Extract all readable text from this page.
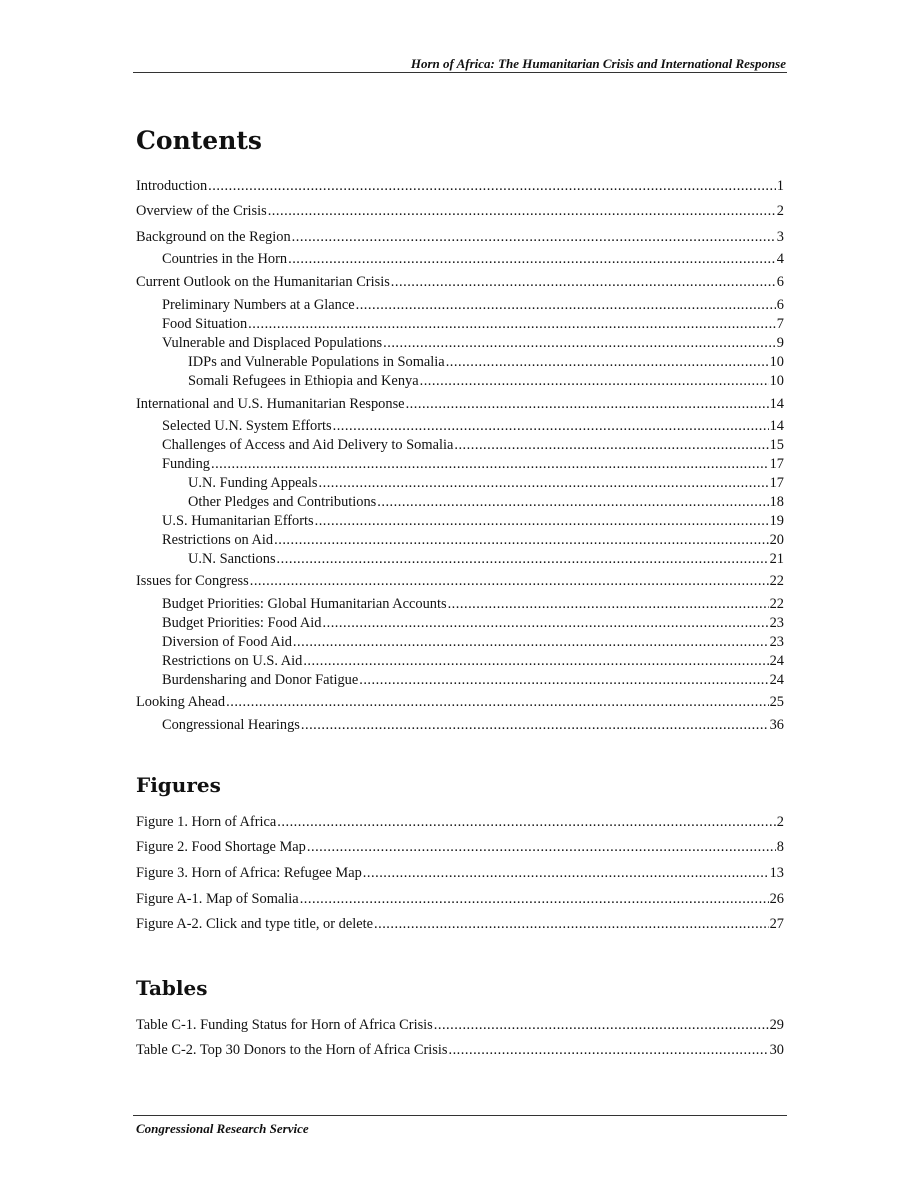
Horn of Africa: The Humanitarian Crisis and International Response
Contents
Introduction .....	1
Overview of the Crisis .....	2
Background on the Region .....	3
Countries in the Horn .....	4
Current Outlook on the Humanitarian Crisis .....	6
Preliminary Numbers at a Glance .....	6
Food Situation .....	7
Vulnerable and Displaced Populations .....	9
IDPs and Vulnerable Populations in Somalia .....	10
Somali Refugees in Ethiopia and Kenya .....	10
International and U.S. Humanitarian Response .....	14
Selected U.N. System Efforts .....	14
Challenges of Access and Aid Delivery to Somalia .....	15
Funding .....	17
U.N. Funding Appeals .....	17
Other Pledges and Contributions .....	18
U.S. Humanitarian Efforts .....	19
Restrictions on Aid .....	20
U.N. Sanctions .....	21
Issues for Congress .....	22
Budget Priorities: Global Humanitarian Accounts .....	22
Budget Priorities: Food Aid .....	23
Diversion of Food Aid .....	23
Restrictions on U.S. Aid .....	24
Burdensharing and Donor Fatigue .....	24
Looking Ahead .....	25
Congressional Hearings .....	36
Figures
Figure 1. Horn of Africa .....	2
Figure 2. Food Shortage Map .....	8
Figure 3. Horn of Africa: Refugee Map .....	13
Figure A-1. Map of Somalia .....	26
Figure A-2. Click and type title, or delete .....	27
Tables
Table C-1. Funding Status for Horn of Africa Crisis .....	29
Table C-2. Top 30 Donors to the Horn of Africa Crisis .....	30
Congressional Research Service
